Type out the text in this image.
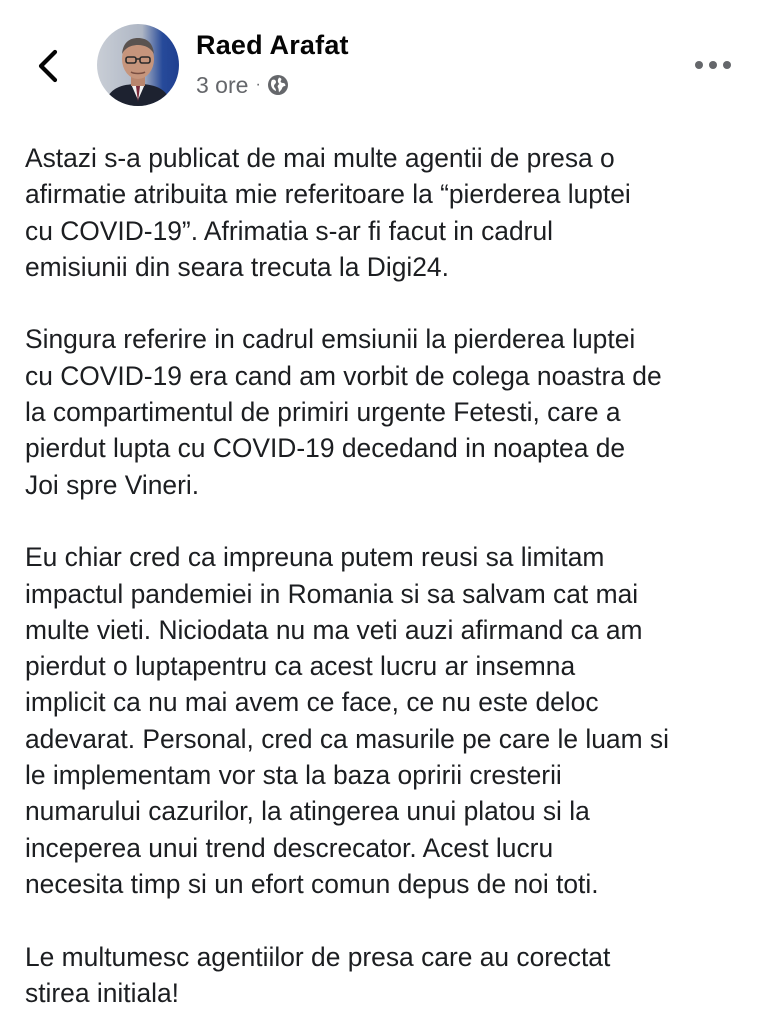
Raed Arafat
3 ore ·

Astazi s-a publicat de mai multe agentii de presa o
afirmatie atribuita mie referitoare la “pierderea luptei
cu COVID-19”. Afrimatia s-ar fi facut in cadrul
emisiunii din seara trecuta la Digi24.

Singura referire in cadrul emsiunii la pierderea luptei
cu COVID-19 era cand am vorbit de colega noastra de
la compartimentul de primiri urgente Fetesti, care a
pierdut lupta cu COVID-19 decedand in noaptea de
Joi spre Vineri.

Eu chiar cred ca impreuna putem reusi sa limitam
impactul pandemiei in Romania si sa salvam cat mai
multe vieti. Niciodata nu ma veti auzi afirmand ca am
pierdut o luptapentru ca acest lucru ar insemna
implicit ca nu mai avem ce face, ce nu este deloc
adevarat. Personal, cred ca masurile pe care le luam si
le implementam vor sta la baza opririi cresterii
numarului cazurilor, la atingerea unui platou si la
inceperea unui trend descrecator. Acest lucru
necesita timp si un efort comun depus de noi toti.

Le multumesc agentiilor de presa care au corectat
stirea initiala!
